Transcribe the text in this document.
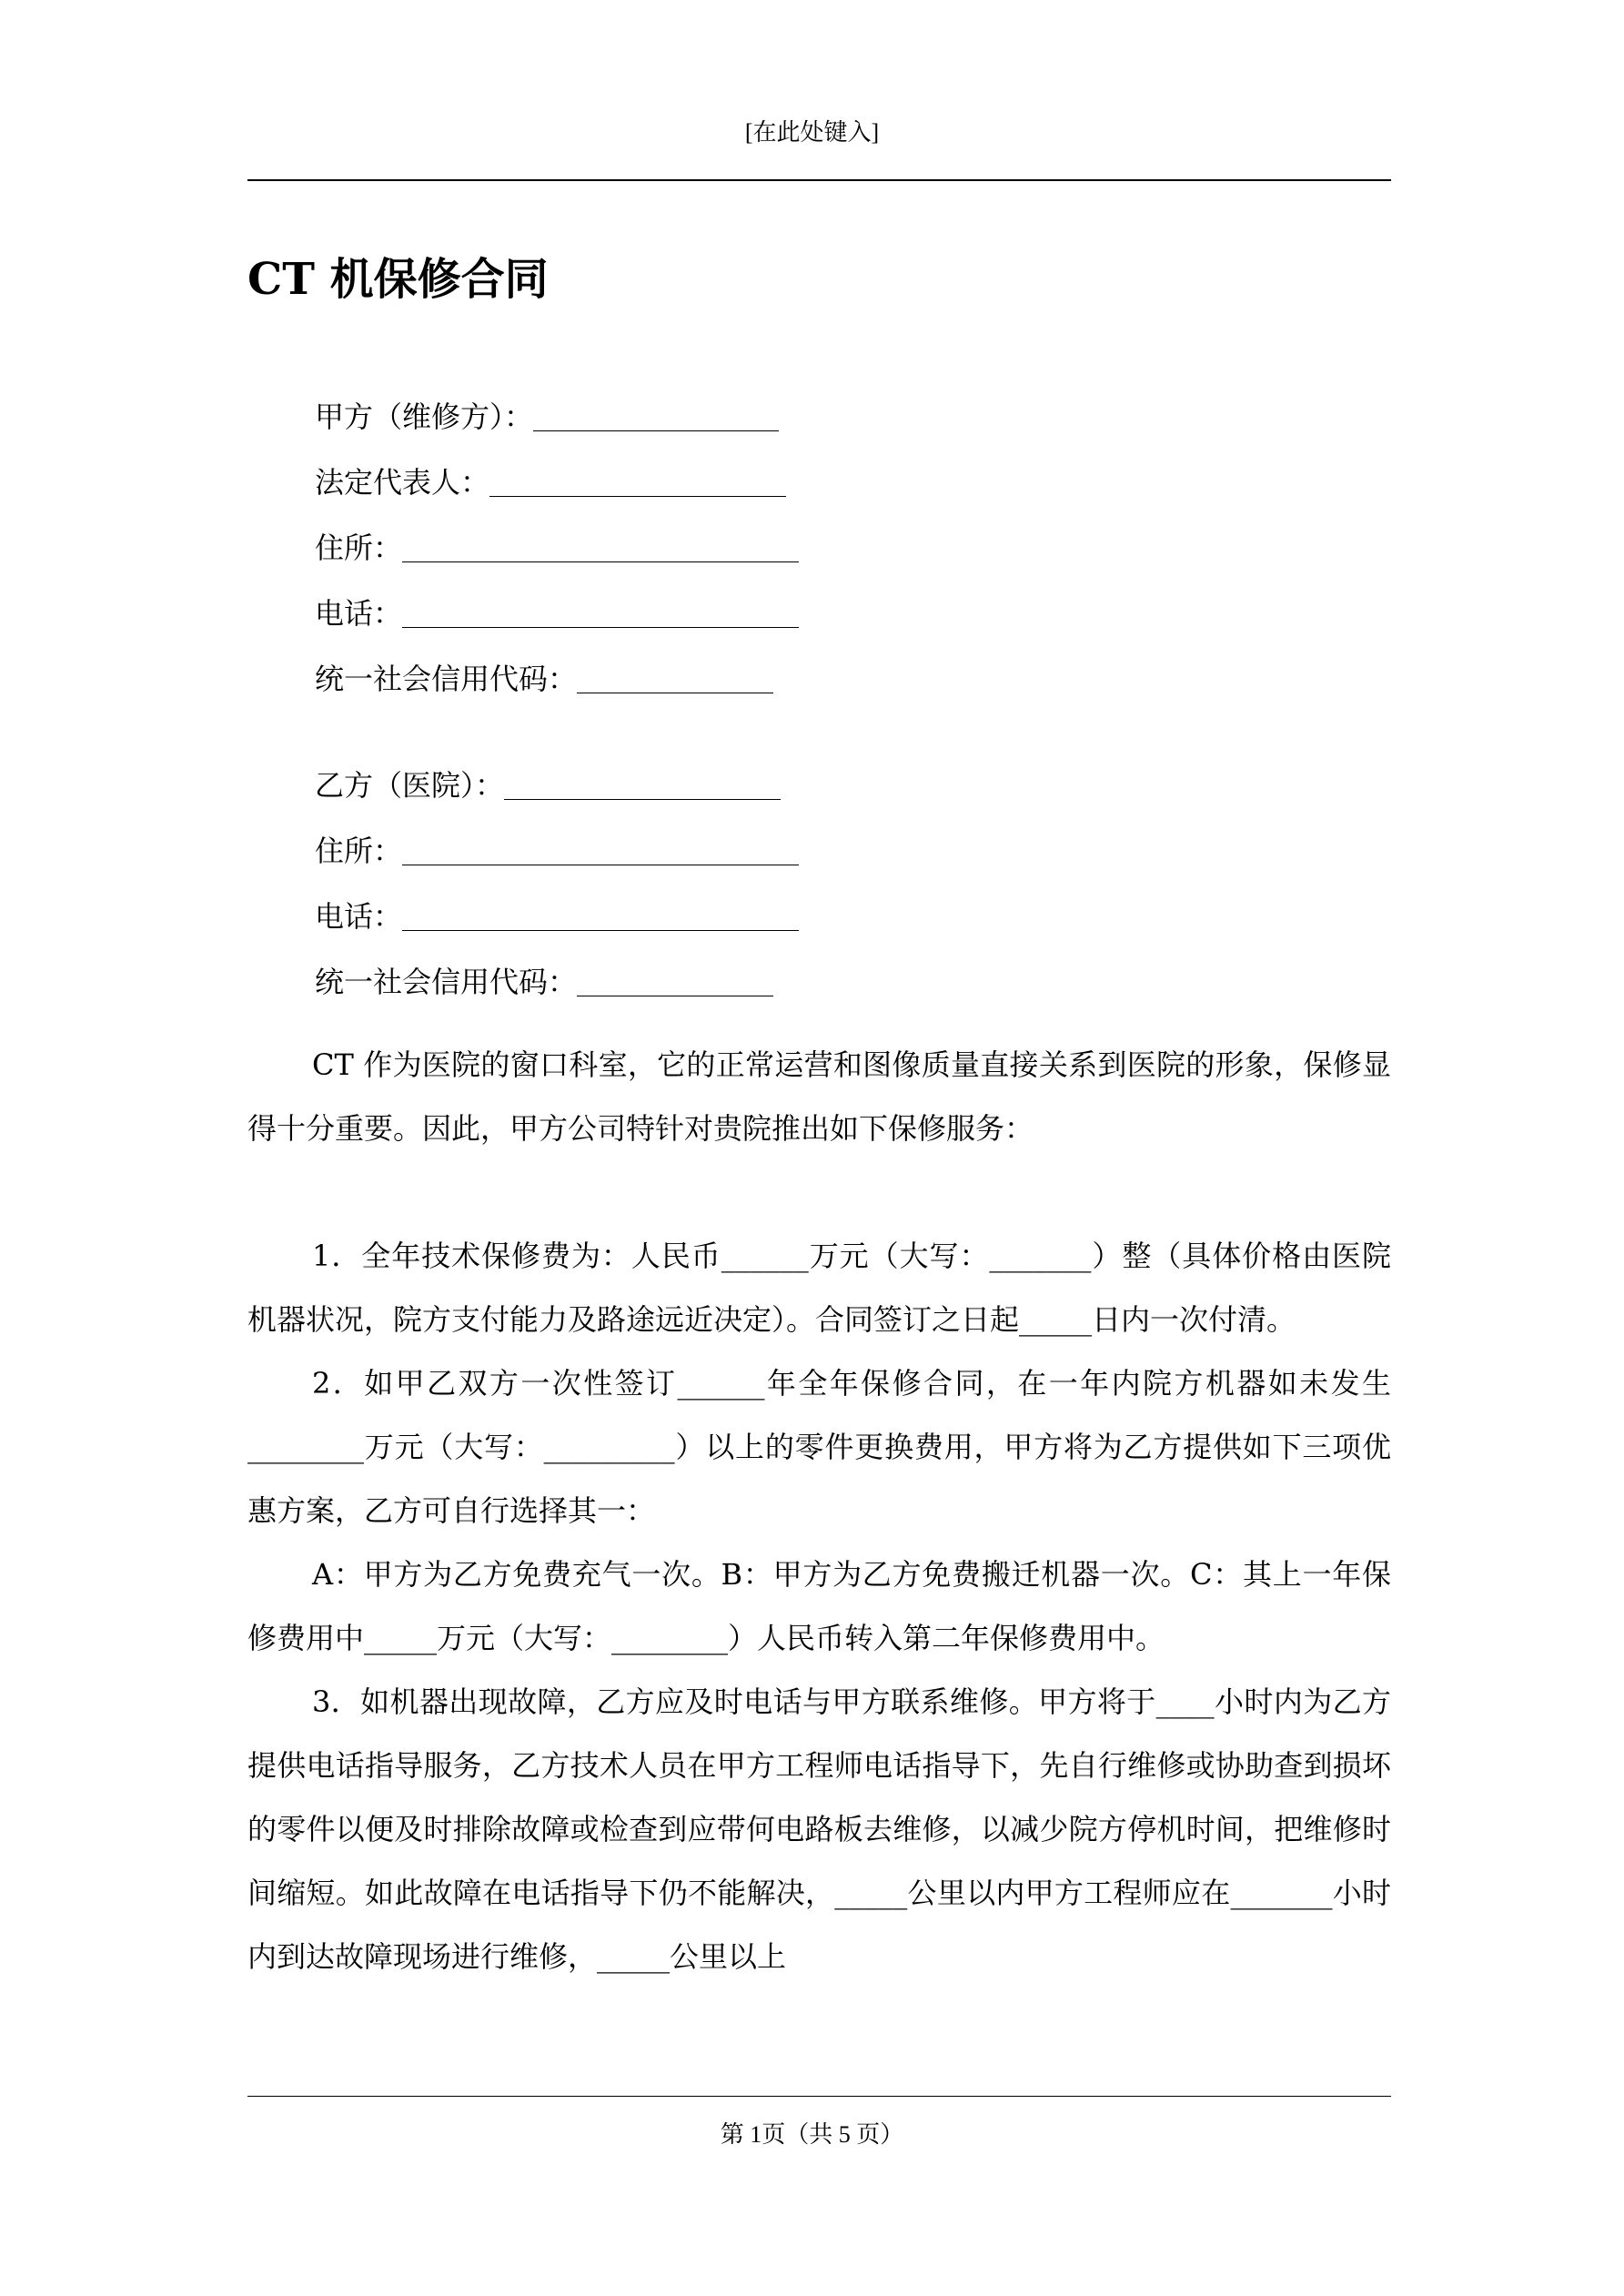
[在此处键入]
CT 机保修合同
甲方（维修方）：
法定代表人：
住所：
电话：
统一社会信用代码：
乙方（医院）：
住所：
电话：
统一社会信用代码：

CT 作为医院的窗口科室，它的正常运营和图像质量直接关系到医院的形象，保修显得十分重要。因此，甲方公司特针对贵院推出如下保修服务：

1．全年技术保修费为：人民币______万元（大写：_______）整（具体价格由医院机器状况，院方支付能力及路途远近决定）。合同签订之日起_____日内一次付清。

2．如甲乙双方一次性签订______年全年保修合同，在一年内院方机器如未发生________万元（大写：_________）以上的零件更换费用，甲方将为乙方提供如下三项优惠方案，乙方可自行选择其一：

A：甲方为乙方免费充气一次。B：甲方为乙方免费搬迁机器一次。C：其上一年保修费用中_____万元（大写：________）人民币转入第二年保修费用中。

3．如机器出现故障，乙方应及时电话与甲方联系维修。甲方将于____小时内为乙方提供电话指导服务，乙方技术人员在甲方工程师电话指导下，先自行维修或协助查到损坏的零件以便及时排除故障或检查到应带何电路板去维修，以减少院方停机时间，把维修时间缩短。如此故障在电话指导下仍不能解决，_____公里以内甲方工程师应在_______小时内到达故障现场进行维修，_____公里以上

第 1页（共 5 页）
